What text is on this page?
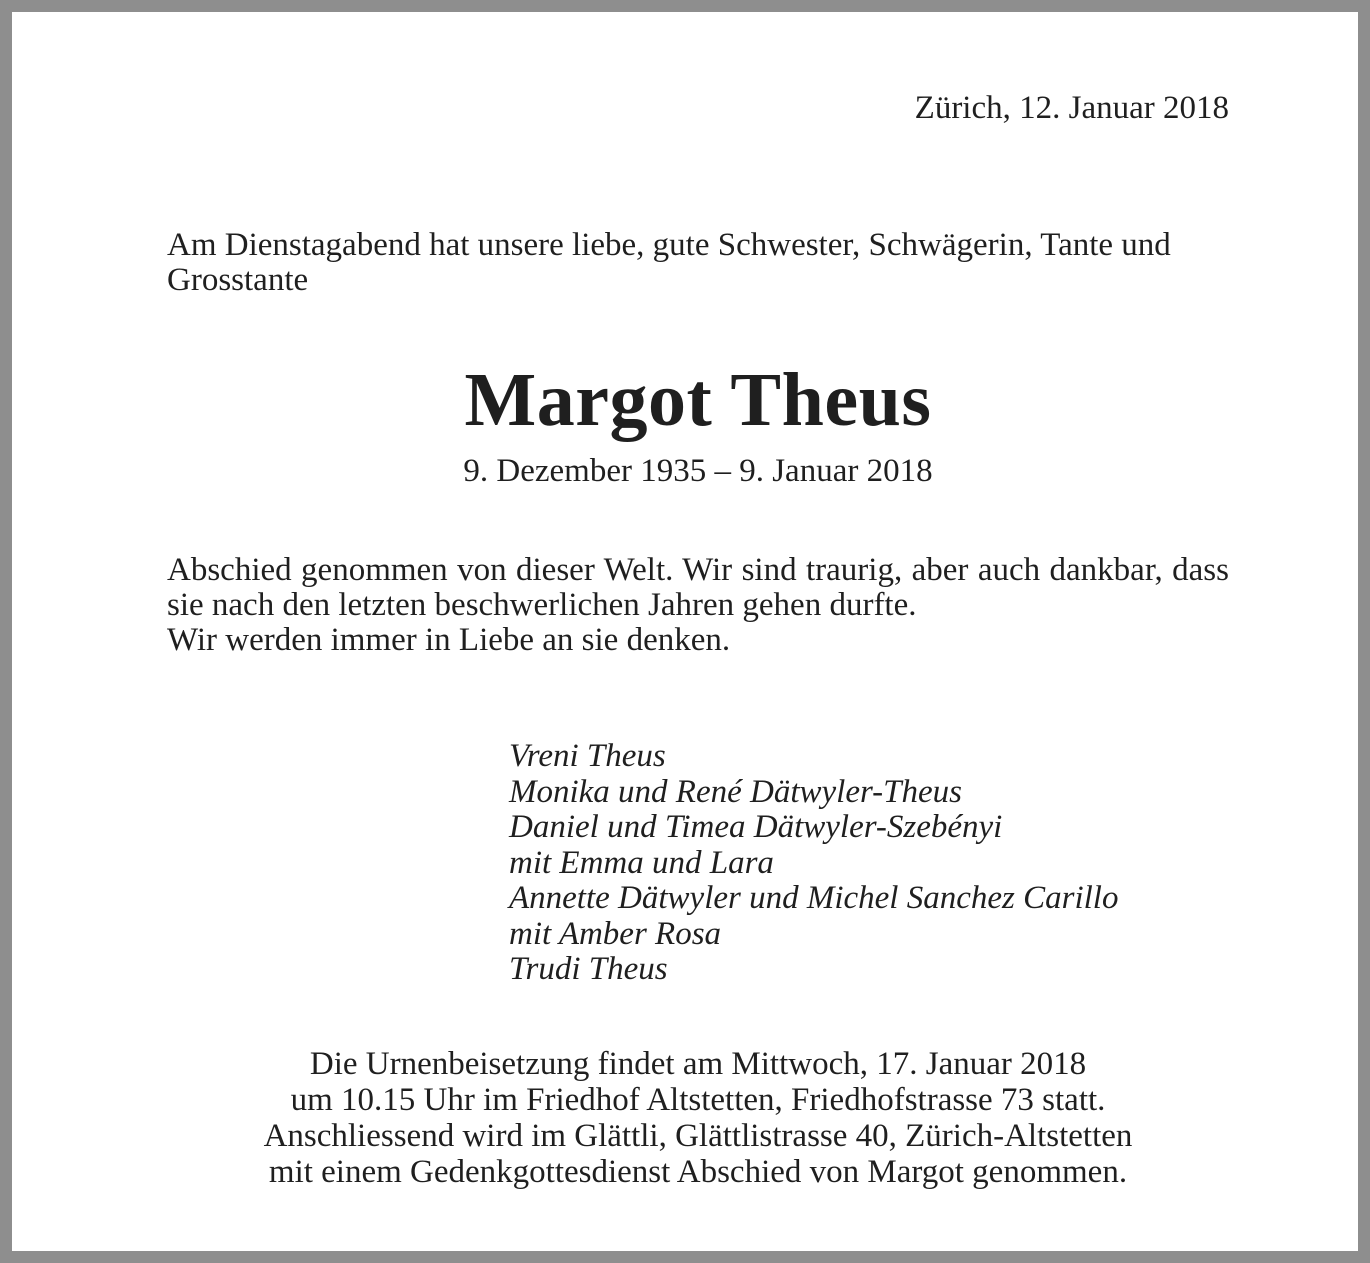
Zürich, 12. Januar 2018
Am Dienstagabend hat unsere liebe, gute Schwester, Schwägerin, Tante und Grosstante
Margot Theus
9. Dezember 1935 – 9. Januar 2018

Abschied genommen von dieser Welt. Wir sind traurig, aber auch dankbar, dass sie nach den letzten beschwerlichen Jahren gehen durfte.

Wir werden immer in Liebe an sie denken.

Vreni Theus
Monika und René Dätwyler-Theus
Daniel und Timea Dätwyler-Szebényi
mit Emma und Lara
Annette Dätwyler und Michel Sanchez Carillo
mit Amber Rosa
Trudi Theus
Die Urnenbeisetzung findet am Mittwoch, 17. Januar 2018
um 10.15 Uhr im Friedhof Altstetten, Friedhofstrasse 73 statt.
Anschliessend wird im Glättli, Glättlistrasse 40, Zürich-Altstetten
mit einem Gedenkgottesdienst Abschied von Margot genommen.
